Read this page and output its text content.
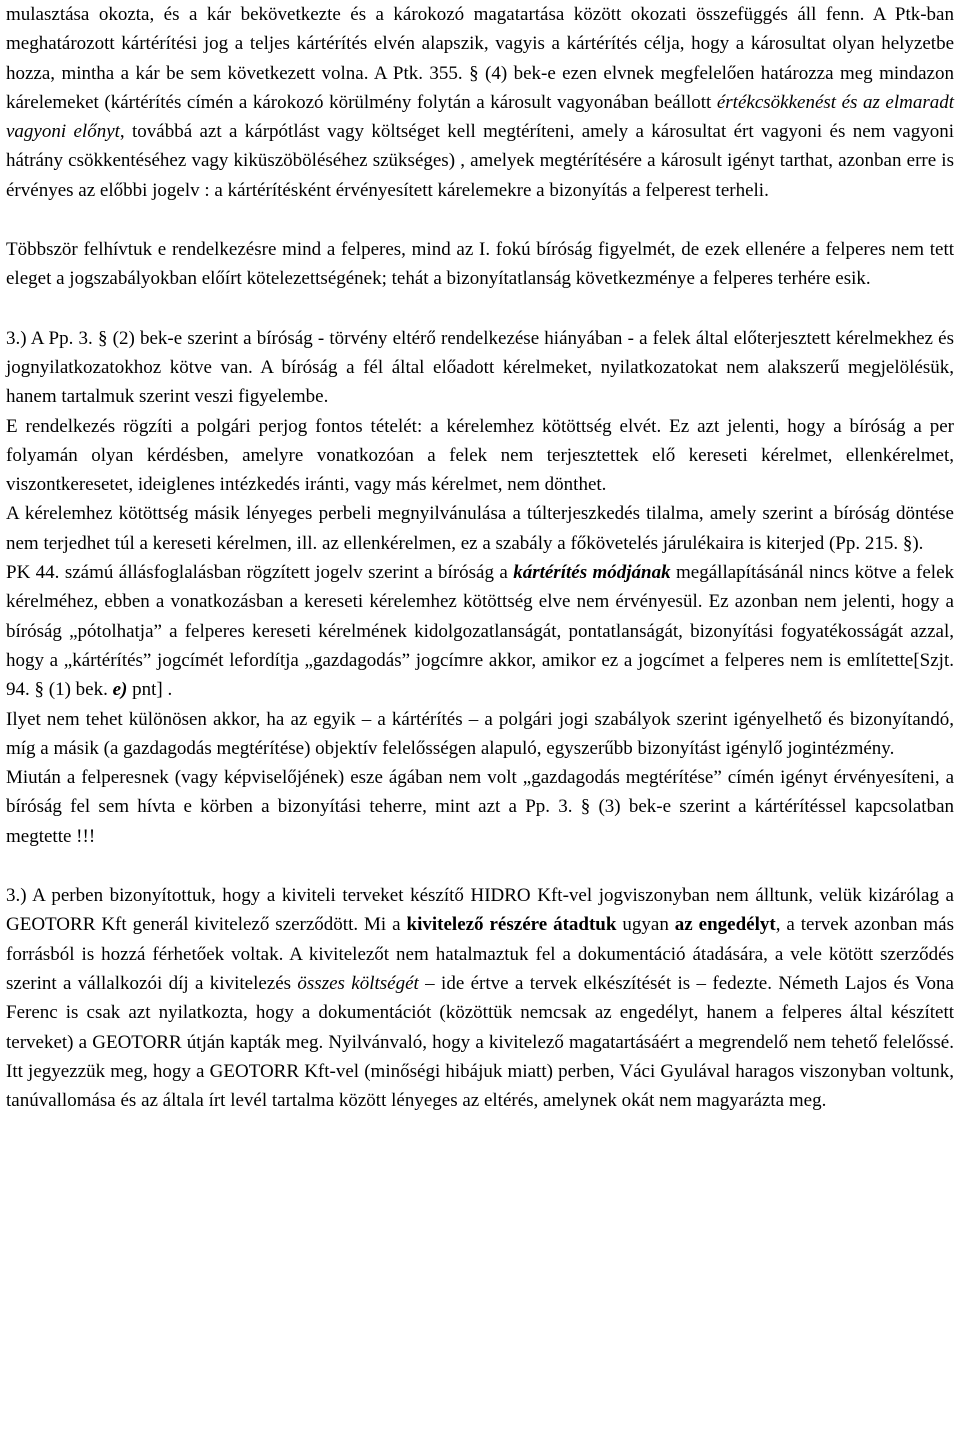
mulasztása okozta, és a kár bekövetkezte és a károkozó magatartása között okozati összefüggés áll fenn. A Ptk-ban meghatározott kártérítési jog a teljes kártérítés elvén alapszik, vagyis a kártérítés célja, hogy a károsultat olyan helyzetbe hozza, mintha a kár be sem következett volna. A Ptk. 355. § (4) bek-e ezen elvnek megfelelően határozza meg mindazon kárelemeket (kártérítés címén a károkozó körülmény folytán a károsult vagyonában beállott értékcsökkenést és az elmaradt vagyoni előnyt, továbbá azt a kárpótlást vagy költséget kell megtéríteni, amely a károsultat ért vagyoni és nem vagyoni hátrány csökkentéséhez vagy kiküszöböléséhez szükséges) , amelyek megtérítésére a károsult igényt tarthat, azonban erre is érvényes az előbbi jogelv : a kártérítésként érvényesített kárelemekre a bizonyítás a felperest terheli.

Többször felhívtuk e rendelkezésre mind a felperes, mind az I. fokú bíróság figyelmét, de ezek ellenére a felperes nem tett eleget a jogszabályokban előírt kötelezettségének; tehát a bizonyítatlanság következménye a felperes terhére esik.

3.) A Pp. 3. § (2) bek-e szerint a bíróság - törvény eltérő rendelkezése hiányában - a felek által előterjesztett kérelmekhez és jognyilatkozatokhoz kötve van. A bíróság a fél által előadott kérelmeket, nyilatkozatokat nem alakszerű megjelölésük, hanem tartalmuk szerint veszi figyelembe.

E rendelkezés rögzíti a polgári perjog fontos tételét: a kérelemhez kötöttség elvét. Ez azt jelenti, hogy a bíróság a per folyamán olyan kérdésben, amelyre vonatkozóan a felek nem terjesztettek elő kereseti kérelmet, ellenkérelmet, viszontkeresetet, ideiglenes intézkedés iránti, vagy más kérelmet, nem dönthet.

A kérelemhez kötöttség másik lényeges perbeli megnyilvánulása a túlterjeszkedés tilalma, amely szerint a bíróság döntése nem terjedhet túl a kereseti kérelmen, ill. az ellenkérelmen, ez a szabály a főkövetelés járulékaira is kiterjed (Pp. 215. §).

PK 44. számú állásfoglalásban rögzített jogelv szerint a bíróság a kártérítés módjának megállapításánál nincs kötve a felek kérelméhez, ebben a vonatkozásban a kereseti kérelemhez kötöttség elve nem érvényesül. Ez azonban nem jelenti, hogy a bíróság „pótolhatja” a felperes kereseti kérelmének kidolgozatlanságát, pontatlanságát, bizonyítási fogyatékosságát azzal, hogy a „kártérítés” jogcímét lefordítja „gazdagodás” jogcímre akkor, amikor ez a jogcímet a felperes nem is említette[Szjt. 94. § (1) bek. e) pnt] .

Ilyet nem tehet különösen akkor, ha az egyik – a kártérítés – a polgári jogi szabályok szerint igényelhető és bizonyítandó, míg a másik (a gazdagodás megtérítése) objektív felelősségen alapuló, egyszerűbb bizonyítást igénylő jogintézmény.

Miután a felperesnek (vagy képviselőjének) esze ágában nem volt „gazdagodás megtérítése” címén igényt érvényesíteni, a bíróság fel sem hívta e körben a bizonyítási teherre, mint azt a Pp. 3. § (3) bek-e szerint a kártérítéssel kapcsolatban megtette !!!

3.) A perben bizonyítottuk, hogy a kiviteli terveket készítő HIDRO Kft-vel jogviszonyban nem álltunk, velük kizárólag a GEOTORR Kft generál kivitelező szerződött. Mi a kivitelező részére átadtuk ugyan az engedélyt, a tervek azonban más forrásból is hozzá férhetőek voltak. A kivitelezőt nem hatalmaztuk fel a dokumentáció átadására, a vele kötött szerződés szerint a vállalkozói díj a kivitelezés összes költségét – ide értve a tervek elkészítését is – fedezte. Németh Lajos és Vona Ferenc is csak azt nyilatkozta, hogy a dokumentációt (közöttük nemcsak az engedélyt, hanem a felperes által készített terveket) a GEOTORR útján kapták meg. Nyilvánvaló, hogy a kivitelező magatartásáért a megrendelő nem tehető felelőssé. Itt jegyezzük meg, hogy a GEOTORR Kft-vel (minőségi hibájuk miatt) perben, Váci Gyulával haragos viszonyban voltunk, tanúvallomása és az általa írt levél tartalma között lényeges az eltérés, amelynek okát nem magyarázta meg.
